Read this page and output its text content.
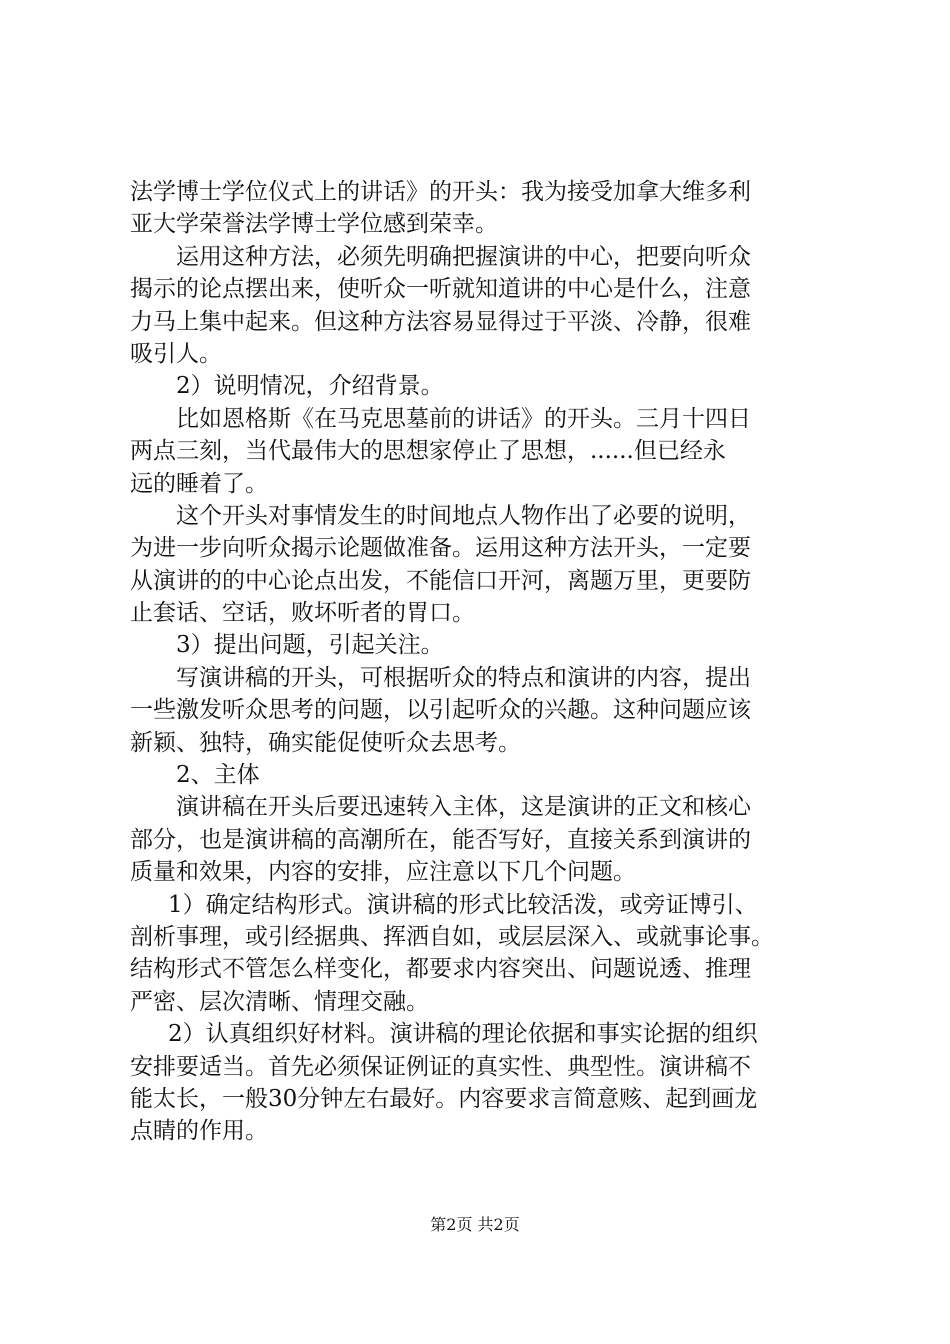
法学博士学位仪式上的讲话》的开头：我为接受加拿大维多利
亚大学荣誉法学博士学位感到荣幸。
运用这种方法，必须先明确把握演讲的中心，把要向听众
揭示的论点摆出来，使听众一听就知道讲的中心是什么，注意
力马上集中起来。但这种方法容易显得过于平淡、冷静，很难
吸引人。
2）说明情况，介绍背景。
比如恩格斯《在马克思墓前的讲话》的开头。三月十四日
两点三刻，当代最伟大的思想家停止了思想，......但已经永
远的睡着了。
这个开头对事情发生的时间地点人物作出了必要的说明，
为进一步向听众揭示论题做准备。运用这种方法开头，一定要
从演讲的的中心论点出发，不能信口开河，离题万里，更要防
止套话、空话，败坏听者的胃口。
3）提出问题，引起关注。
写演讲稿的开头，可根据听众的特点和演讲的内容，提出
一些激发听众思考的问题，以引起听众的兴趣。这种问题应该
新颖、独特，确实能促使听众去思考。
2、主体
演讲稿在开头后要迅速转入主体，这是演讲的正文和核心
部分，也是演讲稿的高潮所在，能否写好，直接关系到演讲的
质量和效果，内容的安排，应注意以下几个问题。
1）确定结构形式。演讲稿的形式比较活泼，或旁证博引、
剖析事理，或引经据典、挥洒自如，或层层深入、或就事论事。
结构形式不管怎么样变化，都要求内容突出、问题说透、推理
严密、层次清晰、情理交融。
2）认真组织好材料。演讲稿的理论依据和事实论据的组织
安排要适当。首先必须保证例证的真实性、典型性。演讲稿不
能太长，一般30分钟左右最好。内容要求言简意赅、起到画龙
点睛的作用。
第2页 共2页
